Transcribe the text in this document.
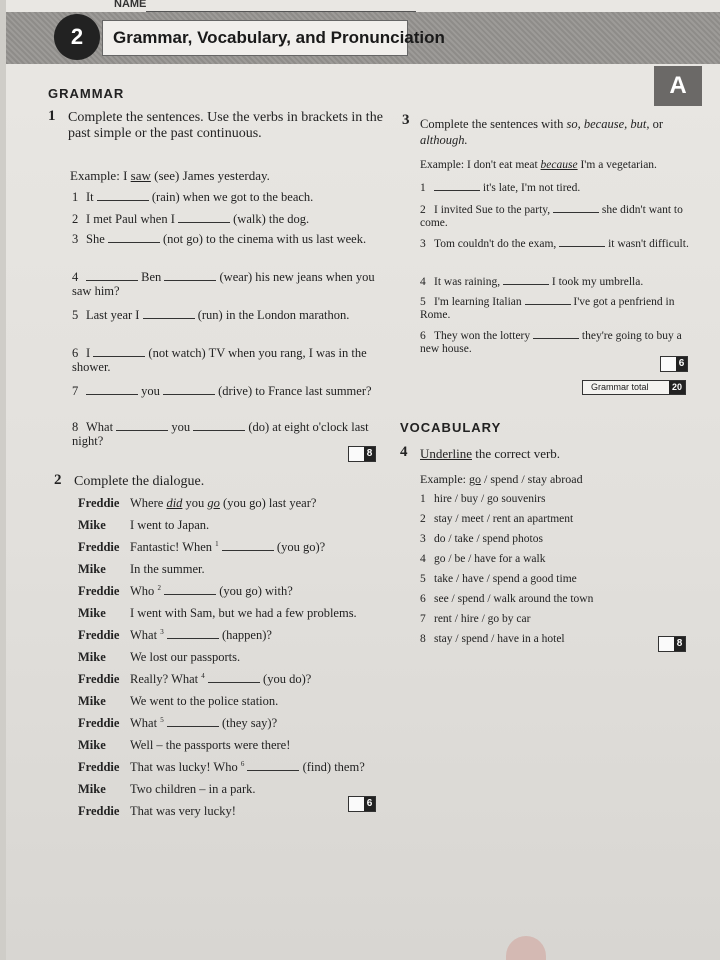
NAME
2	Grammar, Vocabulary, and Pronunciation
A
GRAMMAR
1 Complete the sentences. Use the verbs in brackets in the past simple or the past continuous.
Example: I saw (see) James yesterday.
1 It	(rain) when we got to the beach.
2 I met Paul when I	(walk) the dog.
3 She	(not go) to the cinema with us last week.
4	Ben	(wear) his new jeans when you saw him?
5 Last year I	(run) in the London marathon.
6 I	(not watch) TV when you rang, I was in the shower.
7	you	(drive) to France last summer?
8 What	you	(do) at eight o'clock last night?
8
2 Complete the dialogue.
Freddie Where did you go (you go) last year?
Mike I went to Japan.
Freddie Fantastic! When $^1$	(you go)?
Mike In the summer.
Freddie Who $^2$	(you go) with?
Mike I went with Sam, but we had a few problems.
Freddie What $^3$	(happen)?
Mike We lost our passports.
Freddie Really? What $^4$	(you do)?
Mike We went to the police station.
Freddie What $^5$	(they say)?
Mike Well – the passports were there!
Freddie That was lucky! Who $^6$	(find) them?
Mike Two children – in a park.
Freddie That was very lucky!
6
3 Complete the sentences with so, because, but, or although.
Example: I don't eat meat because I'm a vegetarian.
1	it's late, I'm not tired.
2 I invited Sue to the party,	she didn't want to come.
3 Tom couldn't do the exam,	it wasn't difficult.
4 It was raining,	I took my umbrella.
5 I'm learning Italian	I've got a penfriend in Rome.
6 They won the lottery	they're going to buy a new house.
6
Grammar total	20
VOCABULARY
4 Underline the correct verb.
Example: go / spend / stay abroad
1 hire / buy / go souvenirs
2 stay / meet / rent an apartment
3 do / take / spend photos
4 go / be / have for a walk
5 take / have / spend a good time
6 see / spend / walk around the town
7 rent / hire / go by car
8 stay / spend / have in a hotel	8
